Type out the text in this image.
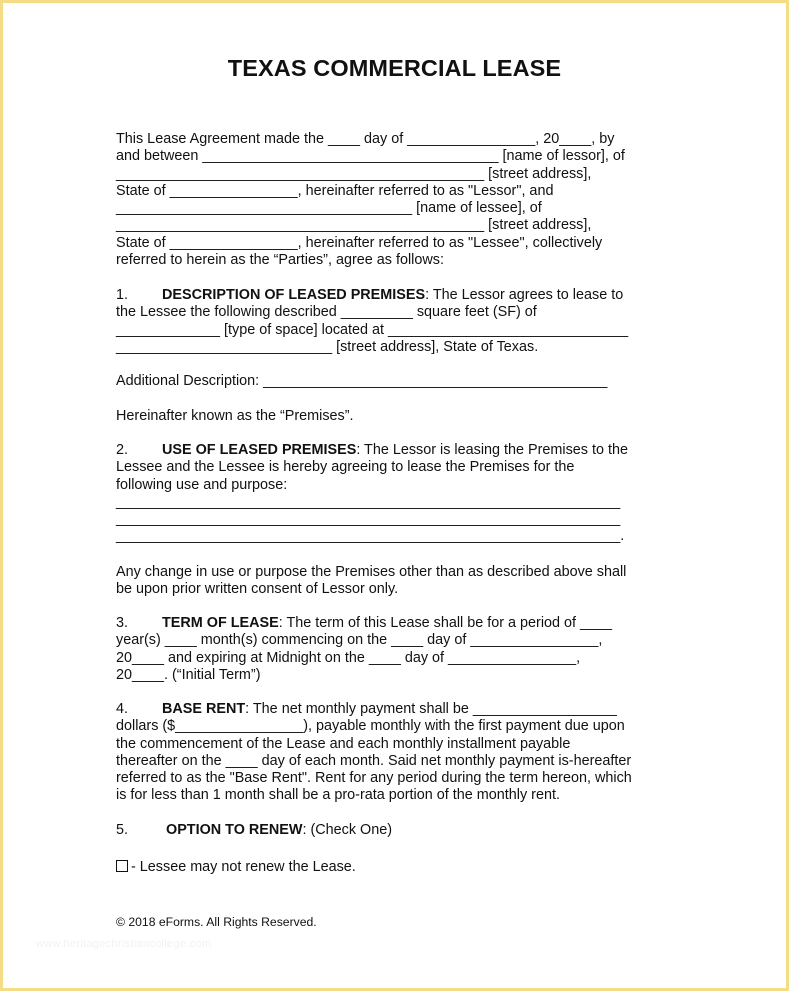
TEXAS COMMERCIAL LEASE
This Lease Agreement made the ____ day of ________________, 20____, by
and between _____________________________________ [name of lessor], of
______________________________________________ [street address],
State of ________________, hereinafter referred to as "Lessor", and
_____________________________________ [name of lessee], of
______________________________________________ [street address],
State of ________________, hereinafter referred to as "Lessee", collectively
referred to herein as the “Parties”, agree as follows:
1. DESCRIPTION OF LEASED PREMISES: The Lessor agrees to lease to
the Lessee the following described _________ square feet (SF) of
_____________ [type of space] located at ______________________________
___________________________ [street address], State of Texas.
Additional Description: ___________________________________________
Hereinafter known as the “Premises”.
2. USE OF LEASED PREMISES: The Lessor is leasing the Premises to the
Lessee and the Lessee is hereby agreeing to lease the Premises for the
following use and purpose:
_______________________________________________________________
_______________________________________________________________
_______________________________________________________________.
Any change in use or purpose the Premises other than as described above shall
be upon prior written consent of Lessor only.
3. TERM OF LEASE: The term of this Lease shall be for a period of ____
year(s) ____ month(s) commencing on the ____ day of ________________,
20____ and expiring at Midnight on the ____ day of ________________,
20____. (“Initial Term”)
4. BASE RENT: The net monthly payment shall be __________________
dollars ($________________), payable monthly with the first payment due upon
the commencement of the Lease and each monthly installment payable
thereafter on the ____ day of each month. Said net monthly payment is-hereafter
referred to as the "Base Rent". Rent for any period during the term hereon, which
is for less than 1 month shall be a pro-rata portion of the monthly rent.
5.	OPTION TO RENEW: (Check One)
- Lessee may not renew the Lease.
© 2018 eForms. All Rights Reserved.
www.heritagechristiancollege.com
